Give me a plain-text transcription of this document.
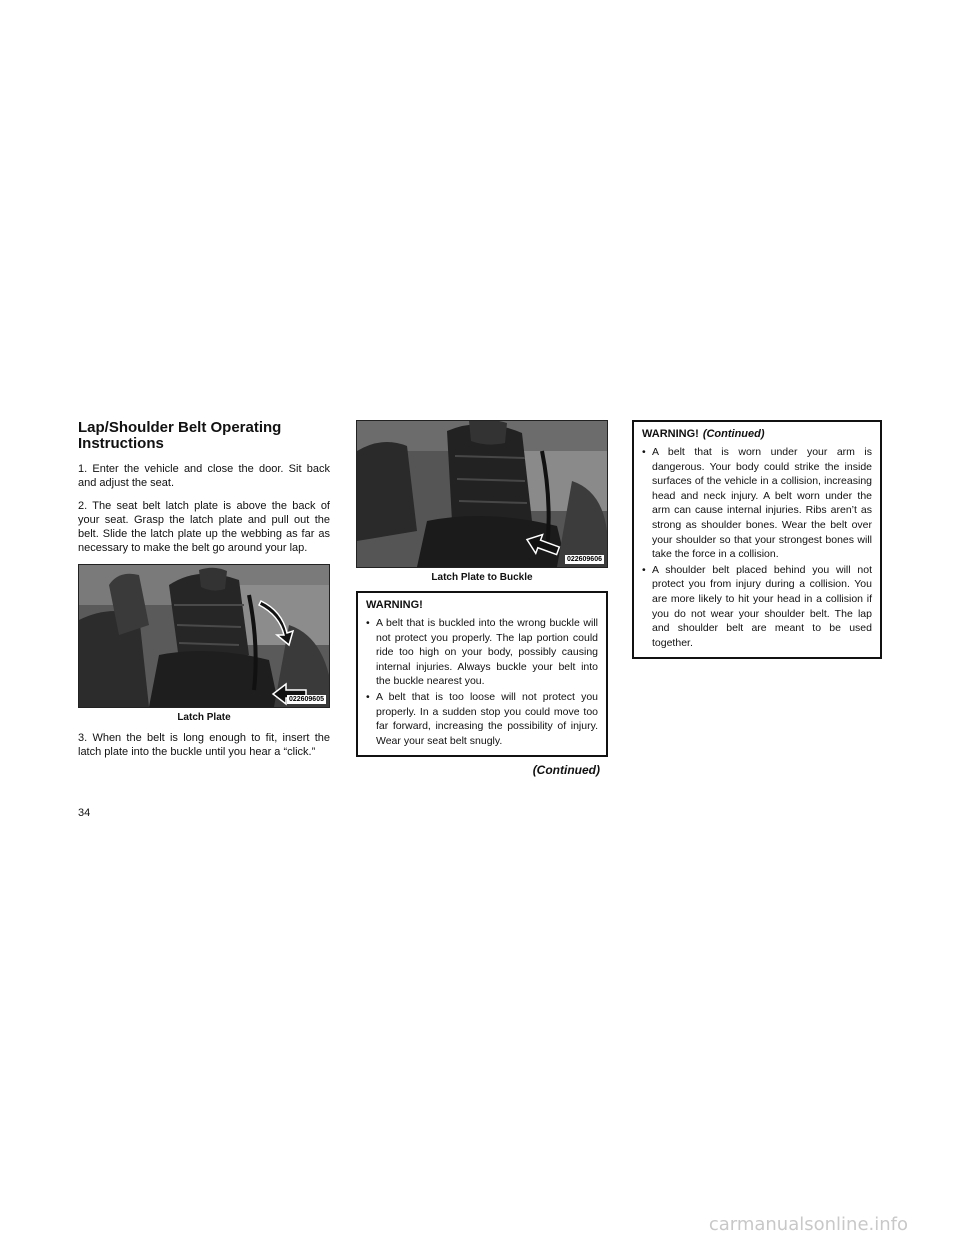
Lap/Shoulder Belt Operating Instructions

1. Enter the vehicle and close the door. Sit back and adjust the seat.

2. The seat belt latch plate is above the back of your seat. Grasp the latch plate and pull out the belt. Slide the latch plate up the webbing as far as necessary to make the belt go around your lap.

022609605
Latch Plate

3. When the belt is long enough to fit, insert the latch plate into the buckle until you hear a “click.”

022609606
Latch Plate to Buckle
WARNING!
• A belt that is buckled into the wrong buckle will not protect you properly. The lap portion could ride too high on your body, possibly causing internal injuries. Always buckle your belt into the buckle nearest you.
• A belt that is too loose will not protect you properly. In a sudden stop you could move too far forward, increasing the possibility of injury. Wear your seat belt snugly.
(Continued)
WARNING! (Continued)
• A belt that is worn under your arm is dangerous. Your body could strike the inside surfaces of the vehicle in a collision, increasing head and neck injury. A belt worn under the arm can cause internal injuries. Ribs aren’t as strong as shoulder bones. Wear the belt over your shoulder so that your strongest bones will take the force in a collision.
• A shoulder belt placed behind you will not protect you from injury during a collision. You are more likely to hit your head in a collision if you do not wear your shoulder belt. The lap and shoulder belt are meant to be used together.
34
carmanualsonline.info
